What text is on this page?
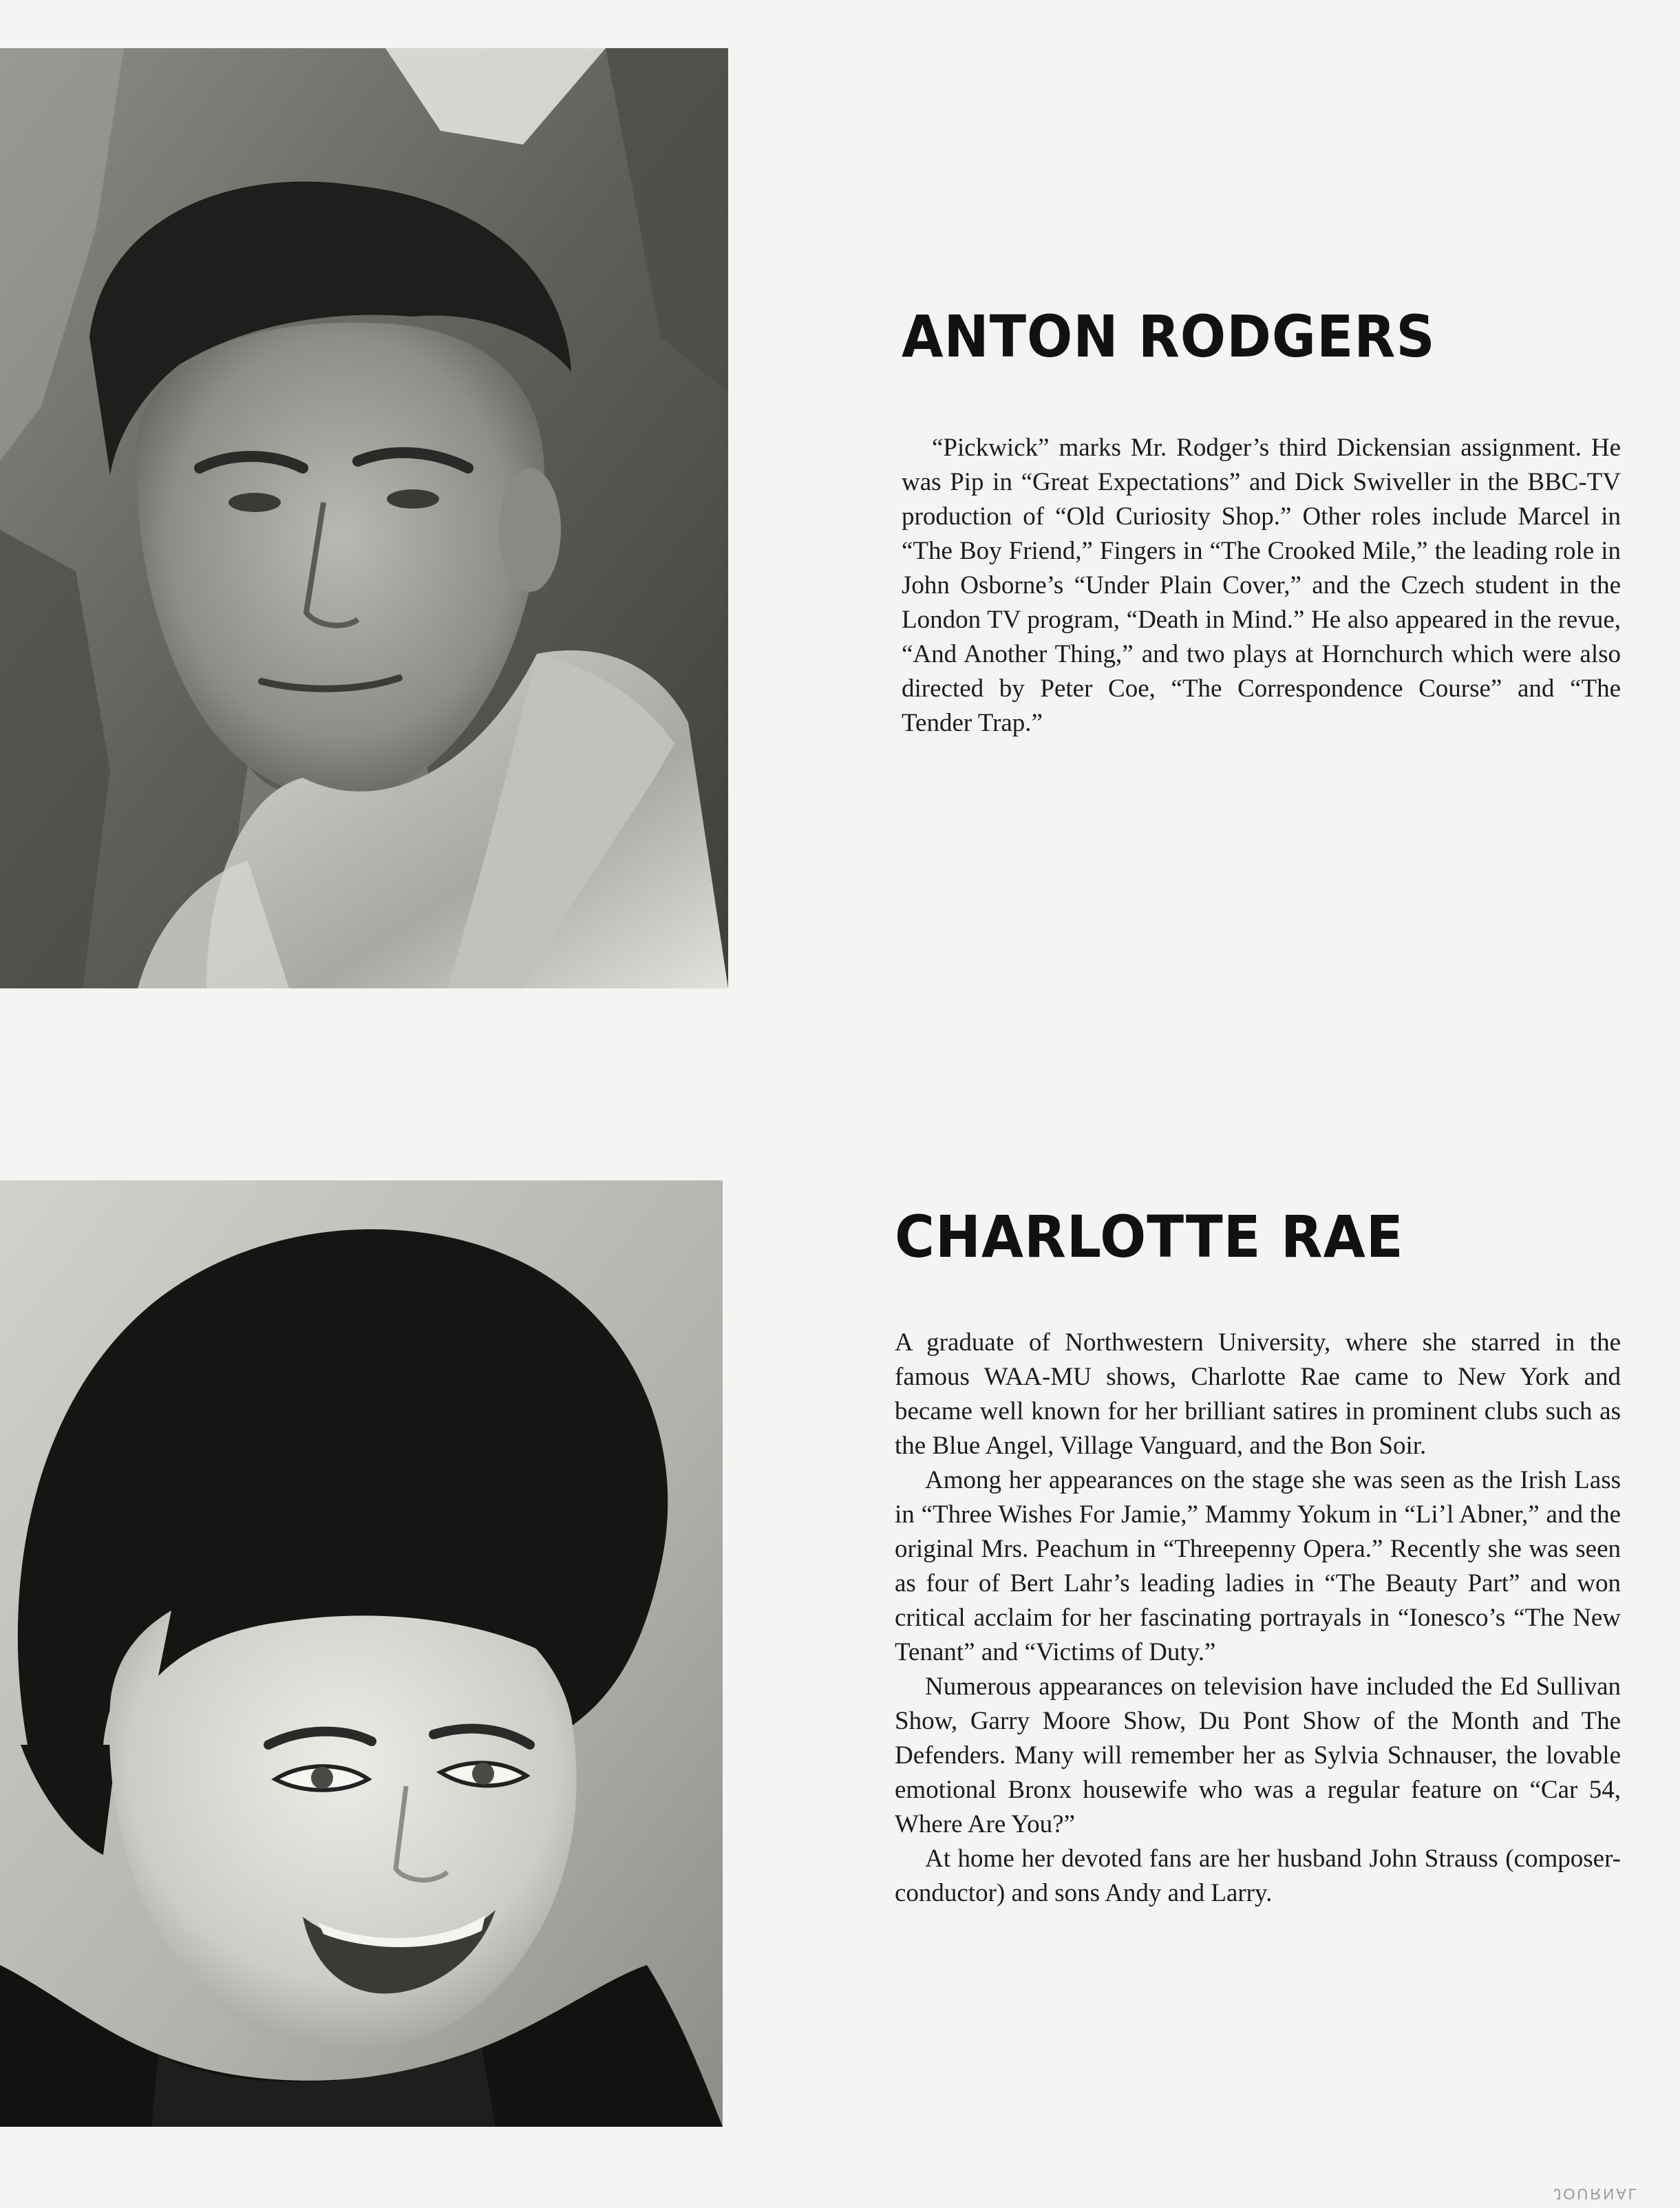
ANTON RODGERS

“Pickwick” marks Mr. Rodger’s third Dickensian assignment. He was Pip in “Great Expectations” and Dick Swiveller in the BBC-TV production of “Old Curiosity Shop.” Other roles include Marcel in “The Boy Friend,” Fingers in “The Crooked Mile,” the leading role in John Osborne’s “Under Plain Cover,” and the Czech student in the London TV program, “Death in Mind.” He also appeared in the revue, “And Another Thing,” and two plays at Hornchurch which were also directed by Peter Coe, “The Correspondence Course” and “The Tender Trap.”

CHARLOTTE RAE

A graduate of Northwestern University, where she starred in the famous WAA-MU shows, Charlotte Rae came to New York and became well known for her brilliant satires in prominent clubs such as the Blue Angel, Village Vanguard, and the Bon Soir.

Among her appearances on the stage she was seen as the Irish Lass in “Three Wishes For Jamie,” Mammy Yokum in “Li’l Abner,” and the original Mrs. Peachum in “Threepenny Opera.” Recently she was seen as four of Bert Lahr’s leading ladies in “The Beauty Part” and won critical acclaim for her fascinating portrayals in “Ionesco’s “The New Tenant” and “Victims of Duty.”

Numerous appearances on television have included the Ed Sullivan Show, Garry Moore Show, Du Pont Show of the Month and The Defenders. Many will remember her as Sylvia Schnauser, the lovable emotional Bronx housewife who was a regular feature on “Car 54, Where Are You?”

At home her devoted fans are her husband John Strauss (composer-conductor) and sons Andy and Larry.

JOURNAL
